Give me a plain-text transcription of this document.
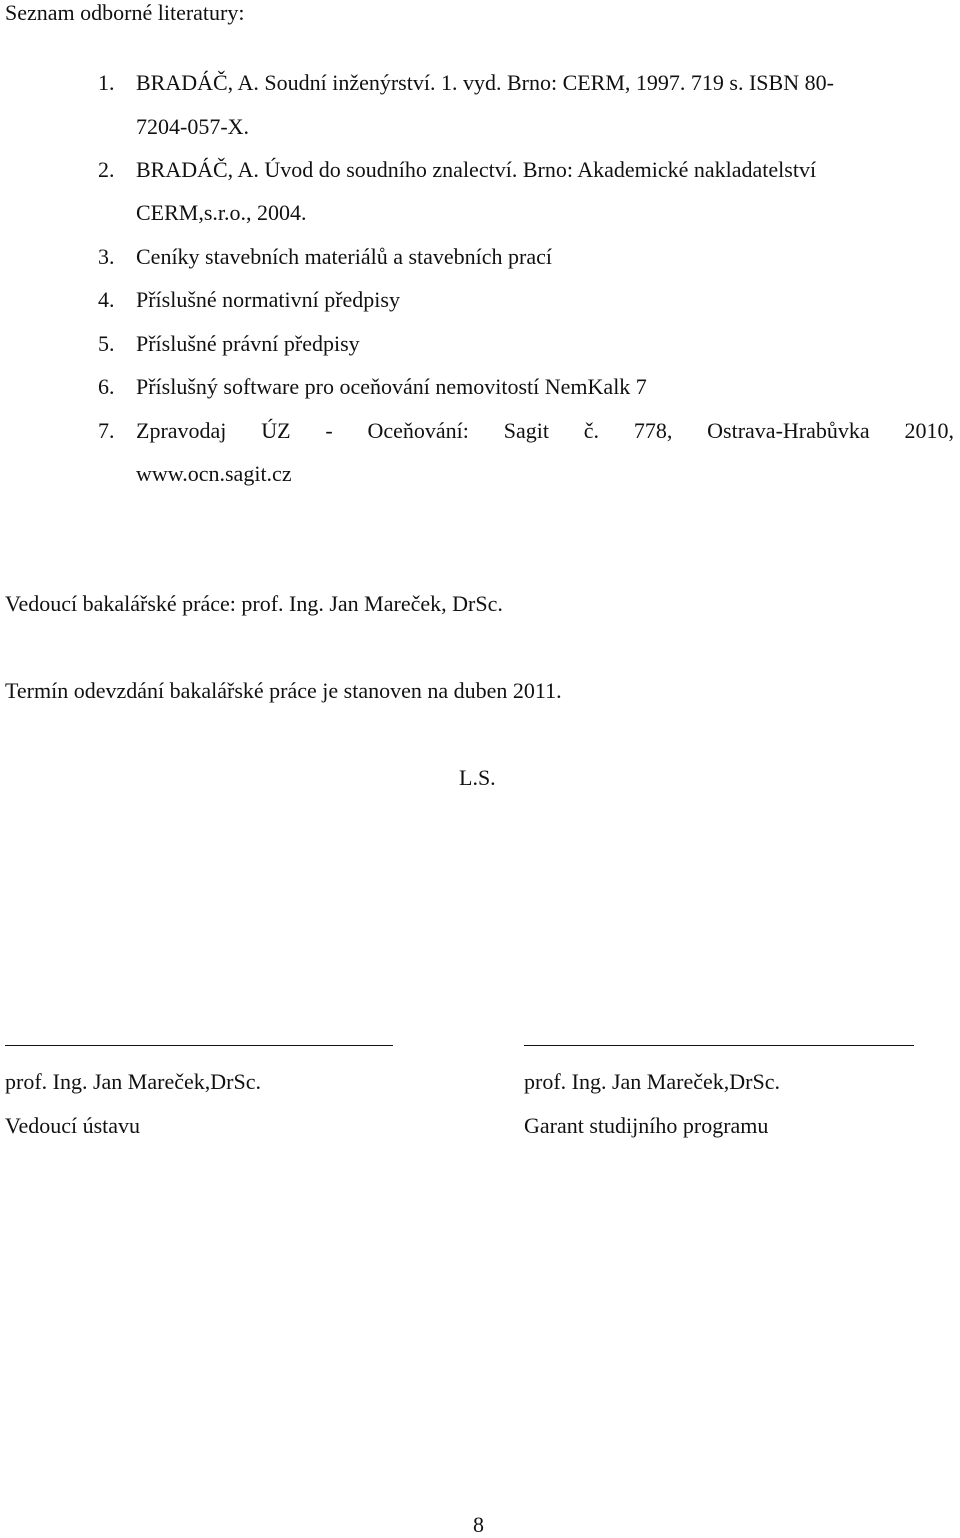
Seznam odborné literatury:
1. BRADÁČ, A. Soudní inženýrství. 1. vyd. Brno: CERM, 1997. 719 s. ISBN 80-
7204-057-X.
2. BRADÁČ, A. Úvod do soudního znalectví. Brno: Akademické nakladatelství
CERM,s.r.o., 2004.
3. Ceníky stavebních materiálů a stavebních prací
4. Příslušné normativní předpisy
5. Příslušné právní předpisy
6. Příslušný software pro oceňování nemovitostí NemKalk 7
7. Zpravodaj ÚZ - Oceňování: Sagit č. 778, Ostrava-Hrabůvka 2010,
www.ocn.sagit.cz
Vedoucí bakalářské práce: prof. Ing. Jan Mareček, DrSc.
Termín odevzdání bakalářské práce je stanoven na duben 2011.
L.S.
prof. Ing. Jan Mareček,DrSc.
Vedoucí ústavu
prof. Ing. Jan Mareček,DrSc.
Garant studijního programu
8
